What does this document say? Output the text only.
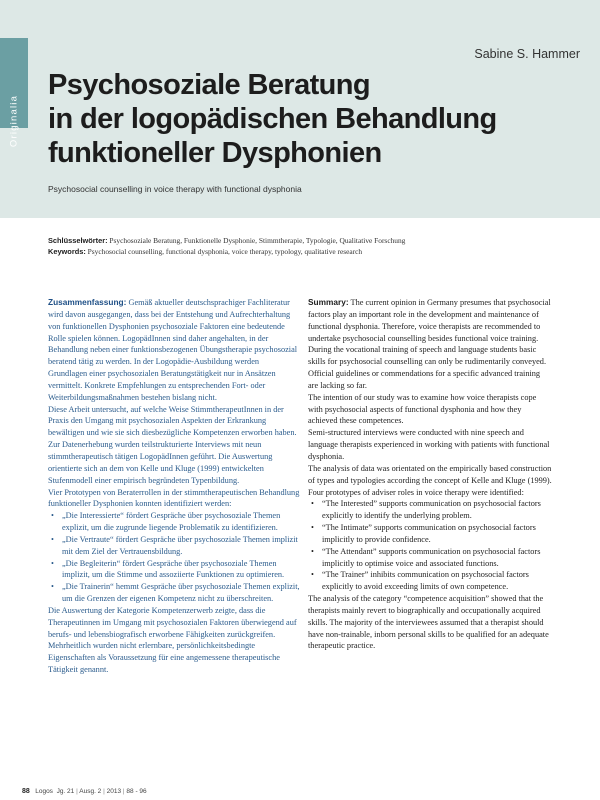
Originalia
Sabine S. Hammer
Psychosoziale Beratung
in der logopädischen Behandlung
funktioneller Dysphonien
Psychosocial counselling in voice therapy with functional dysphonia
Schlüsselwörter: Psychosoziale Beratung, Funktionelle Dysphonie, Stimmtherapie, Typologie, Qualitative Forschung
Keywords: Psychosocial counselling, functional dysphonia, voice therapy, typology, qualitative research

Zusammenfassung: Gemäß aktueller deutschsprachiger Fachliteratur wird davon ausgegangen, dass bei der Entstehung und Aufrechterhaltung von funktionellen Dysphonien psychosoziale Faktoren eine bedeutende Rolle spielen können. LogopädInnen sind daher angehalten, in der Behandlung neben einer funktionsbezogenen Übungstherapie psychosozial beratend tätig zu werden. In der Logopädie-Ausbildung werden Grundlagen einer psychosozialen Beratungstätigkeit nur in Ansätzen vermittelt. Konkrete Empfehlungen zu entsprechenden Fort- oder Weiterbildungsmaßnahmen bestehen bislang nicht.

Diese Arbeit untersucht, auf welche Weise StimmtherapeutInnen in der Praxis den Umgang mit psychosozialen Aspekten der Erkrankung bewältigen und wie sie sich diesbezügliche Kompetenzen erworben haben.

Zur Datenerhebung wurden teilstrukturierte Interviews mit neun stimmtherapeutisch tätigen LogopädInnen geführt. Die Auswertung orientierte sich an dem von Kelle und Kluge (1999) entwickelten Stufenmodell einer empirisch begründeten Typenbildung.

Vier Prototypen von Beraterrollen in der stimmtherapeutischen Behandlung funktioneller Dysphonien konnten identifiziert werden:

• „Die Interessierte“ fördert Gespräche über psychosoziale Themen explizit, um die zugrunde liegende Problematik zu identifizieren.

• „Die Vertraute“ fördert Gespräche über psychosoziale Themen implizit mit dem Ziel der Vertrauensbildung.

• „Die Begleiterin“ fördert Gespräche über psychosoziale Themen implizit, um die Stimme und assoziierte Funktionen zu optimieren.

• „Die Trainerin“ hemmt Gespräche über psychosoziale Themen explizit, um die Grenzen der eigenen Kompetenz nicht zu überschreiten.

Die Auswertung der Kategorie Kompetenzerwerb zeigte, dass die Therapeutinnen im Umgang mit psychosozialen Faktoren überwiegend auf berufs- und lebensbiografisch erworbene Fähigkeiten zurückgreifen. Mehrheitlich wurden nicht erlernbare, persönlichkeitsbedingte Eigenschaften als Voraussetzung für eine angemessene therapeutische Tätigkeit genannt.

Summary: The current opinion in Germany presumes that psychosocial factors play an important role in the development and maintenance of functional dysphonia. Therefore, voice therapists are recommended to undertake psychosocial counselling besides functional voice training. During the vocational training of speech and language students basic skills for psychosocial counselling can only be rudimentarily conveyed. Official guidelines or commendations for a specific advanced training are lacking so far.

The intention of our study was to examine how voice therapists cope with psychosocial aspects of functional dysphonia and how they achieved these competences.

Semi-structured interviews were conducted with nine speech and language therapists experienced in working with patients with functional dysphonia.

The analysis of data was orientated on the empirically based construction of types and typologies according the concept of Kelle and Kluge (1999).

Four prototypes of adviser roles in voice therapy were identified:

• “The Interested” supports communication on psychosocial factors explicitly to identify the underlying problem.

• “The Intimate” supports communication on psychosocial factors implicitly to provide confidence.

• “The Attendant” supports communication on psychosocial factors implicitly to optimise voice and associated functions.

• “The Trainer” inhibits communication on psychosocial factors explicitly to avoid exceeding limits of own competence.

The analysis of the category “competence acquisition” showed that the therapists mainly revert to biographically and occupationally acquired skills. The majority of the interviewees assumed that a therapist should have non-trainable, inborn personal skills to be qualified for an adequate therapeutic practice.

88 Logos Jg. 21 | Ausg. 2 | 2013 | 88 - 96
